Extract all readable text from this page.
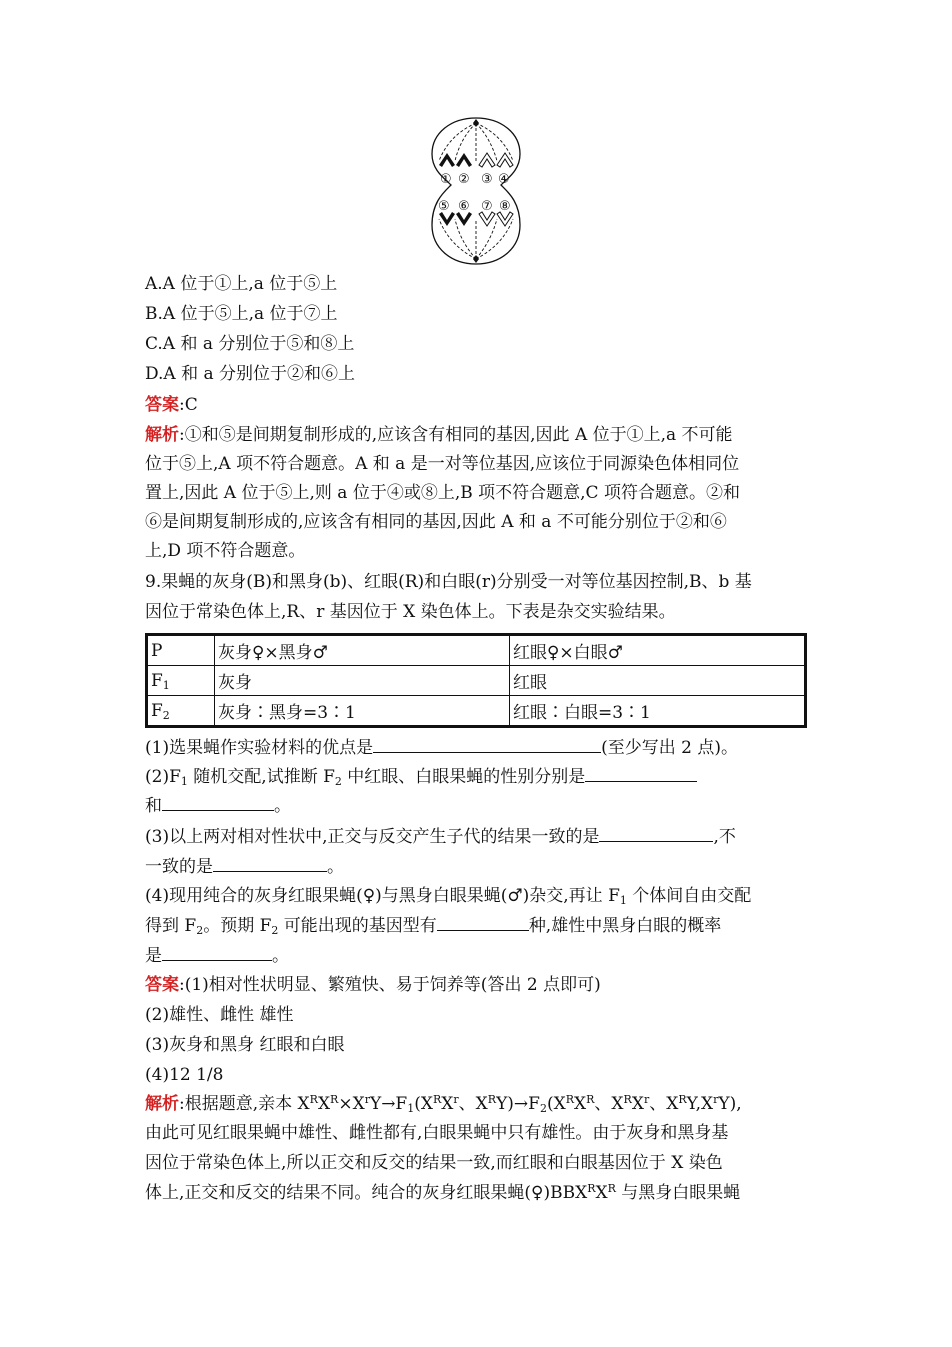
① ② ③ ④
⑤ ⑥ ⑦ ⑧
A.A 位于①上,a 位于⑤上
B.A 位于⑤上,a 位于⑦上
C.A 和 a 分别位于⑤和⑧上
D.A 和 a 分别位于②和⑥上
答案:C
解析:①和⑤是间期复制形成的,应该含有相同的基因,因此 A 位于①上,a 不可能
位于⑤上,A 项不符合题意。A 和 a 是一对等位基因,应该位于同源染色体相同位
置上,因此 A 位于⑤上,则 a 位于④或⑧上,B 项不符合题意,C 项符合题意。②和
⑥是间期复制形成的,应该含有相同的基因,因此 A 和 a 不可能分别位于②和⑥
上,D 项不符合题意。
9.果蝇的灰身(B)和黑身(b)、红眼(R)和白眼(r)分别受一对等位基因控制,B、b 基
因位于常染色体上,R、r 基因位于 X 染色体上。下表是杂交实验结果。
P	灰身♀×黑身♂	红眼♀×白眼♂
$F_1$	灰身	红眼
$F_2$	灰身∶黑身=3∶1	红眼∶白眼=3∶1
(1)选果蝇作实验材料的优点是	(至少写出 2 点)。
$(2)F_1$ 随机交配,试推断 $F_2$ 中红眼、白眼果蝇的性别分别是
和	。
(3)以上两对相对性状中,正交与反交产生子代的结果一致的是	,不
一致的是	。
(4)现用纯合的灰身红眼果蝇(♀)与黑身白眼果蝇(♂)杂交,再让 $F_1$ 个体间自由交配
得到 $F_2$。预期 $F_2$ 可能出现的基因型有	种,雄性中黑身白眼的概率
是	。
答案:(1)相对性状明显、繁殖快、易于饲养等(答出 2 点即可)
(2)雄性、雌性 雄性
(3)灰身和黑身 红眼和白眼
(4)12 1/8
解析:根据题意,亲本 $X^RX^R\times X^rY\to F_1(X^RX^r$、$X^RY)\to F_2(X^RX^R$、$X^RX^r$、$X^RY,X^rY$),
由此可见红眼果蝇中雄性、雌性都有,白眼果蝇中只有雄性。由于灰身和黑身基
因位于常染色体上,所以正交和反交的结果一致,而红眼和白眼基因位于 X 染色
体上,正交和反交的结果不同。纯合的灰身红眼果蝇$(♀)BBX^RX^R$ 与黑身白眼果蝇
